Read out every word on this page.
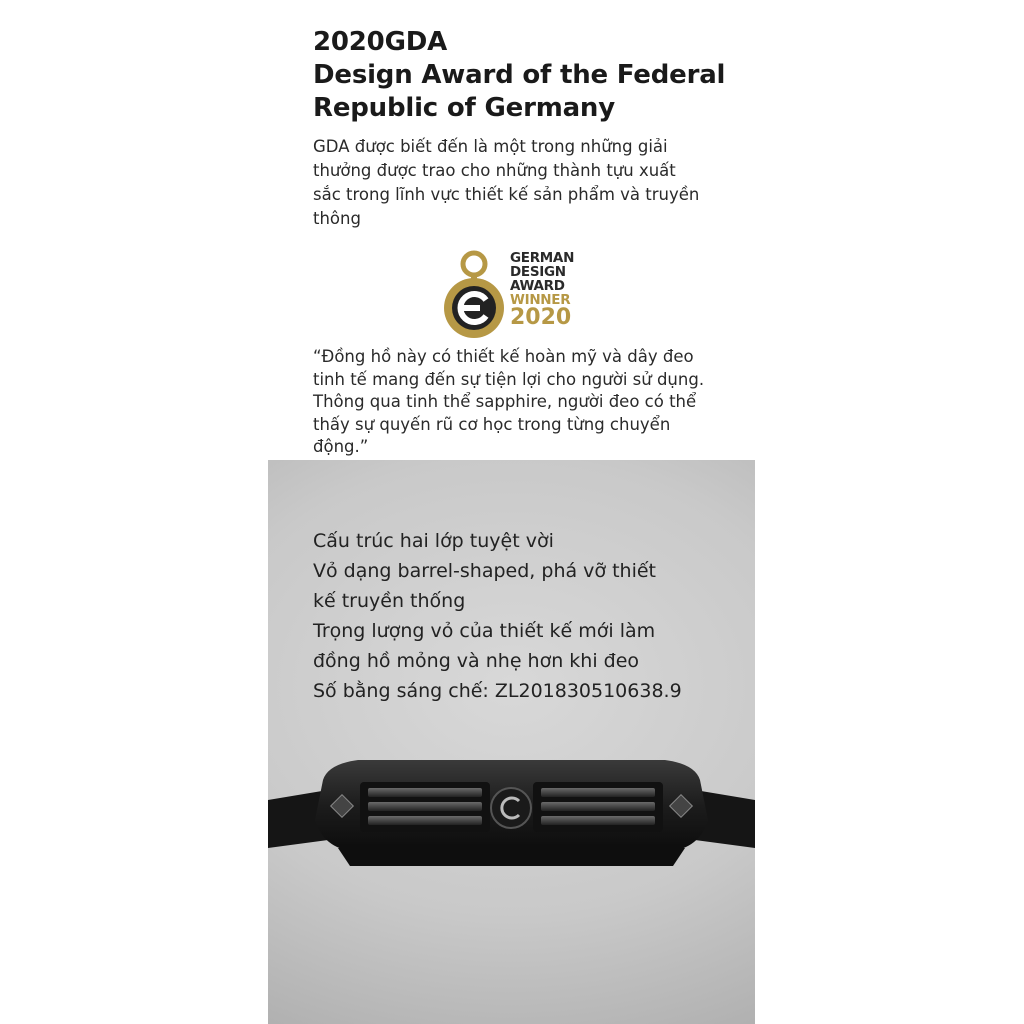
2020GDA
Design Award of the Federal
Republic of Germany

GDA được biết đến là một trong những giải
thưởng được trao cho những thành tựu xuất
sắc trong lĩnh vực thiết kế sản phẩm và truyền
thông

GERMAN
DESIGN
AWARD
WINNER
2020

“Đồng hồ này có thiết kế hoàn mỹ và dây đeo
tinh tế mang đến sự tiện lợi cho người sử dụng.
Thông qua tinh thể sapphire, người đeo có thể
thấy sự quyến rũ cơ học trong từng chuyển
động.”

Cấu trúc hai lớp tuyệt vời
Vỏ dạng barrel-shaped, phá vỡ thiết
kế truyền thống
Trọng lượng vỏ của thiết kế mới làm
đồng hồ mỏng và nhẹ hơn khi đeo
Số bằng sáng chế: ZL201830510638.9
